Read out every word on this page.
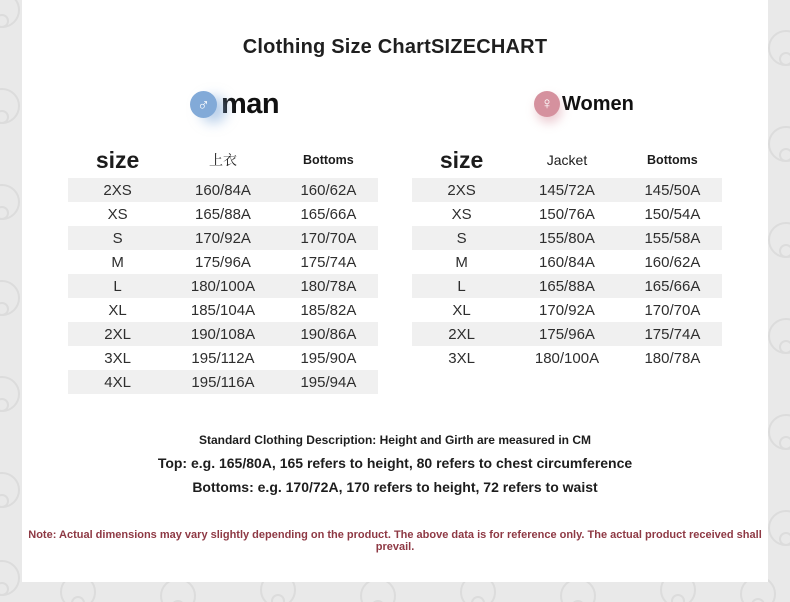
Clothing Size ChartSIZECHART
♂ man	♀ Women
size	上衣	Bottoms
2XS	160/84A	160/62A
XS	165/88A	165/66A
S	170/92A	170/70A
M	175/96A	175/74A
L	180/100A	180/78A
XL	185/104A	185/82A
2XL	190/108A	190/86A
3XL	195/112A	195/90A
4XL	195/116A	195/94A
size	Jacket	Bottoms
2XS	145/72A	145/50A
XS	150/76A	150/54A
S	155/80A	155/58A
M	160/84A	160/62A
L	165/88A	165/66A
XL	170/92A	170/70A
2XL	175/96A	175/74A
3XL	180/100A	180/78A

Standard Clothing Description: Height and Girth are measured in CM

Top: e.g. 165/80A, 165 refers to height, 80 refers to chest circumference

Bottoms: e.g. 170/72A, 170 refers to height, 72 refers to waist

Note: Actual dimensions may vary slightly depending on the product. The above data is for reference only. The actual product received shall prevail.
